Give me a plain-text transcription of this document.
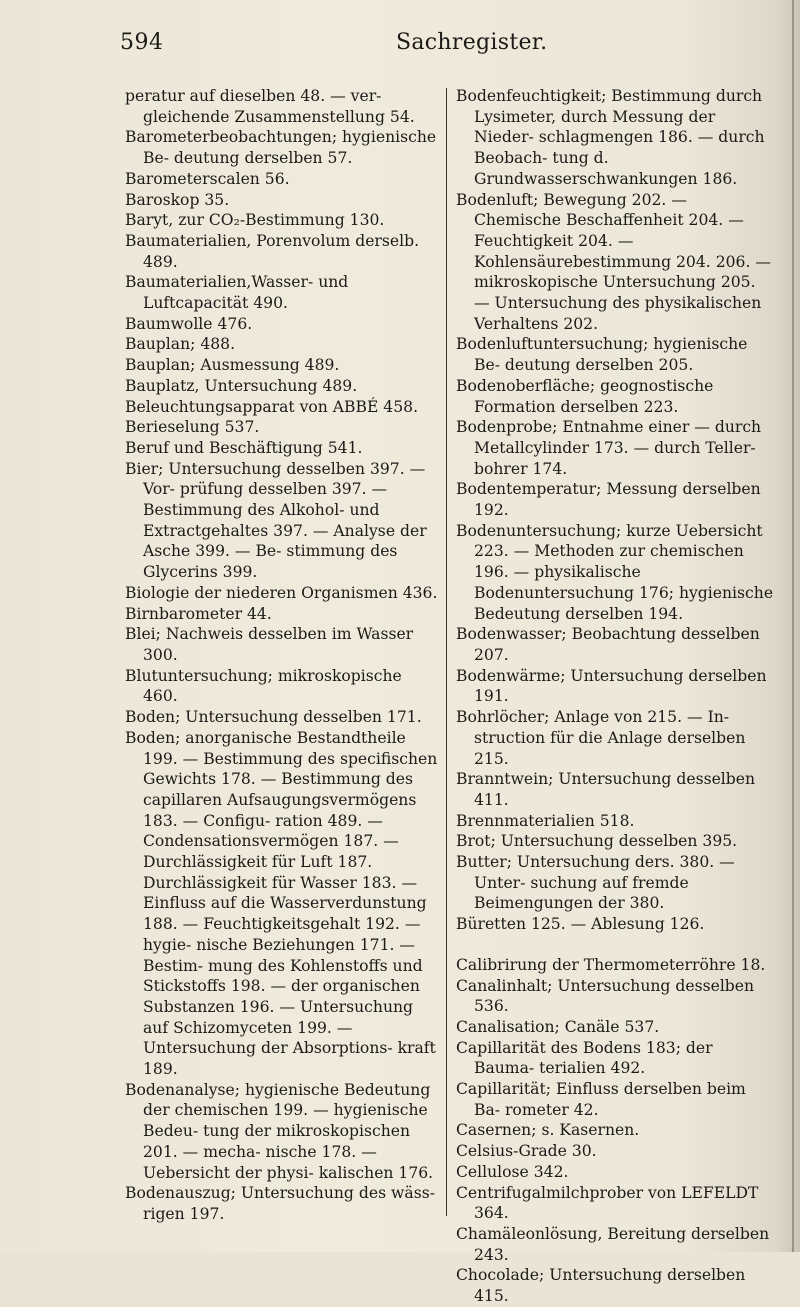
594	Sachregister.

peratur auf dieselben 48. — ver- gleichende Zusammenstellung 54.

Barometerbeobachtungen; hygienische Be- deutung derselben 57.

Barometerscalen 56.

Baroskop 35.

Baryt, zur CO₂-Bestimmung 130.

Baumaterialien, Porenvolum derselb. 489.

Baumaterialien,Wasser- und Luftcapacität 490.

Baumwolle 476.

Bauplan; 488.

Bauplan; Ausmessung 489.

Bauplatz, Untersuchung 489.

Beleuchtungsapparat von ABBÉ 458.

Berieselung 537.

Beruf und Beschäftigung 541.

Bier; Untersuchung desselben 397. — Vor- prüfung desselben 397. — Bestimmung des Alkohol- und Extractgehaltes 397. — Analyse der Asche 399. — Be- stimmung des Glycerins 399.

Biologie der niederen Organismen 436.

Birnbarometer 44.

Blei; Nachweis desselben im Wasser 300.

Blutuntersuchung; mikroskopische 460.

Boden; Untersuchung desselben 171.

Boden; anorganische Bestandtheile 199. — Bestimmung des specifischen Gewichts 178. — Bestimmung des capillaren Aufsaugungsvermögens 183. — Configu- ration 489. — Condensationsvermögen 187. — Durchlässigkeit für Luft 187. Durchlässigkeit für Wasser 183. — Einfluss auf die Wasserverdunstung 188. — Feuchtigkeitsgehalt 192. — hygie- nische Beziehungen 171. — Bestim- mung des Kohlenstoffs und Stickstoffs 198. — der organischen Substanzen 196. — Untersuchung auf Schizomyceten 199. — Untersuchung der Absorptions- kraft 189.

Bodenanalyse; hygienische Bedeutung der chemischen 199. — hygienische Bedeu- tung der mikroskopischen 201. — mecha- nische 178. — Uebersicht der physi- kalischen 176.

Bodenauszug; Untersuchung des wäss- rigen 197.

Bodenfeuchtigkeit; Bestimmung durch Lysimeter, durch Messung der Nieder- schlagmengen 186. — durch Beobach- tung d. Grundwasserschwankungen 186.

Bodenluft; Bewegung 202. — Chemische Beschaffenheit 204. — Feuchtigkeit 204. — Kohlensäurebestimmung 204. 206. — mikroskopische Untersuchung 205. — Untersuchung des physikalischen Verhaltens 202.

Bodenluftuntersuchung; hygienische Be- deutung derselben 205.

Bodenoberfläche; geognostische Formation derselben 223.

Bodenprobe; Entnahme einer — durch Metallcylinder 173. — durch Teller- bohrer 174.

Bodentemperatur; Messung derselben 192.

Bodenuntersuchung; kurze Uebersicht 223. — Methoden zur chemischen 196. — physikalische Bodenuntersuchung 176; hygienische Bedeutung derselben 194.

Bodenwasser; Beobachtung desselben 207.

Bodenwärme; Untersuchung derselben 191.

Bohrlöcher; Anlage von 215. — In- struction für die Anlage derselben 215.

Branntwein; Untersuchung desselben 411.

Brennmaterialien 518.

Brot; Untersuchung desselben 395.

Butter; Untersuchung ders. 380. — Unter- suchung auf fremde Beimengungen der 380.

Büretten 125. — Ablesung 126.

Calibrirung der Thermometerröhre 18.

Canalinhalt; Untersuchung desselben 536.

Canalisation; Canäle 537.

Capillarität des Bodens 183; der Bauma- terialien 492.

Capillarität; Einfluss derselben beim Ba- rometer 42.

Casernen; s. Kasernen.

Celsius-Grade 30.

Cellulose 342.

Centrifugalmilchprober von LEFELDT 364.

Chamäleonlösung, Bereitung derselben 243.

Chocolade; Untersuchung derselben 415.
